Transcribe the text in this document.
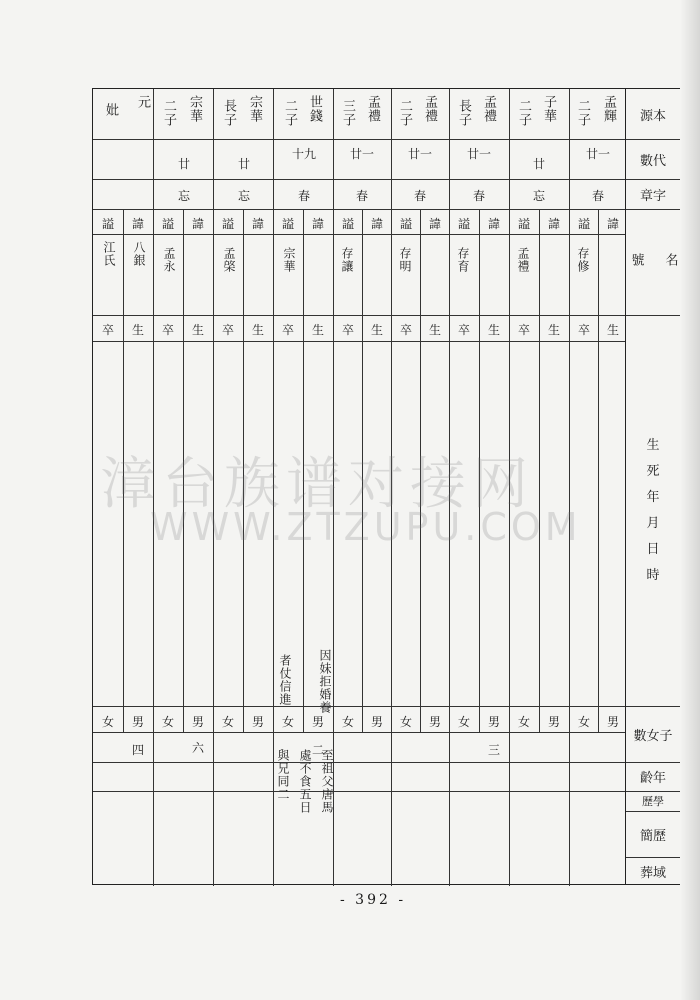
妣
元	孟輝
二子
子華
二子
孟禮
長子
孟禮
二子
孟禮
三子
世錢
二子
宗華
長子
宗華
二子
廿一
廿
廿一
廿一
廿一
十九
廿
廿
春
忘
春
春
春
春
忘
忘
存修
孟禮
存育
存明
存讓
宗華
孟棨
孟永
八銀
江氏
三
二
六
四
因妹拒婚養
者仗信進
至祖父唐馬
處不食五日
與兄同二
諱
謚
諱
謚
諱
謚
諱
謚
諱
謚
諱
謚
諱
謚
諱
謚
諱
謚
生
卒
生
卒
生
卒
生
卒
生
卒
生
卒
生
卒
生
卒
生
卒
男
女
男
女
男
女
男
女
男
女
男
女
男
女
男
女
男
女
源本
數代
章字
名

號
生
死
年
月
日
時
數女子
齡年
歷學
簡歷
葬域
漳台族谱对接网
WWW.ZTZUPU.COM
- 392 -
